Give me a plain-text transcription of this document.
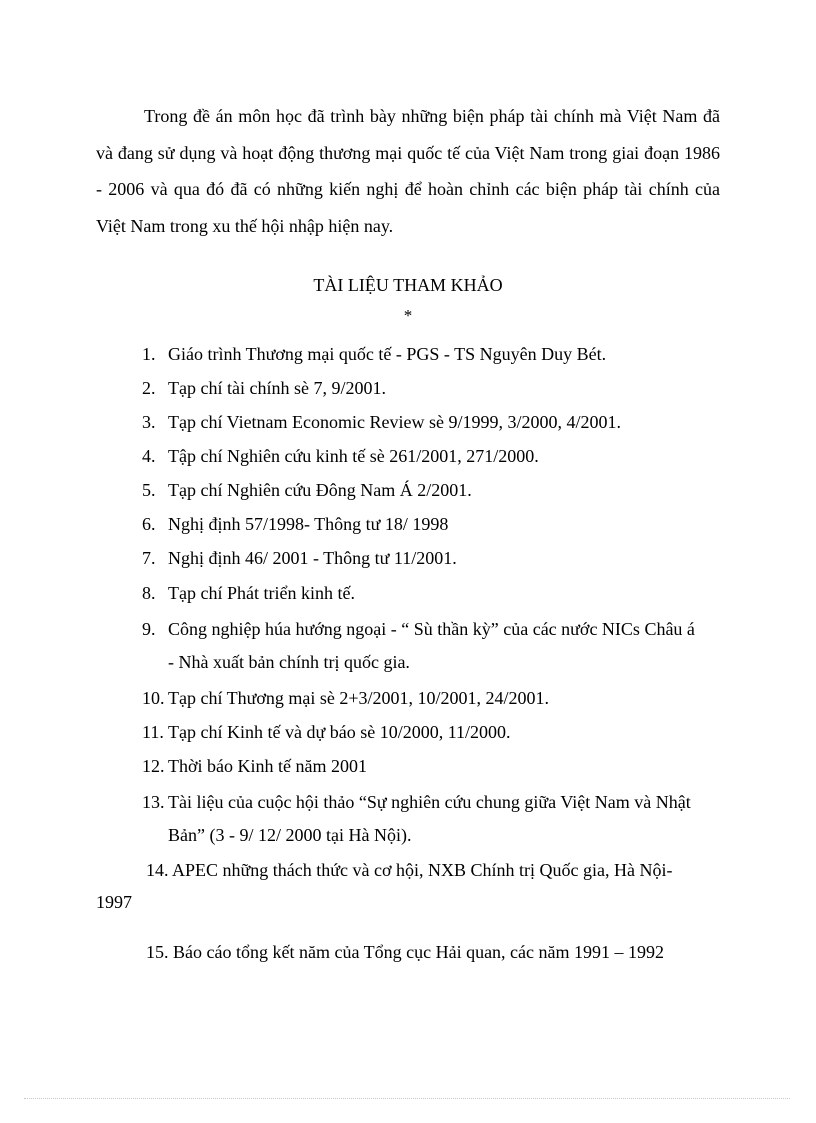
Trong đề án môn học đã trình bày những biện pháp tài chính mà Việt Nam đã và đang sử dụng và hoạt động thương mại quốc tế của Việt Nam trong giai đoạn 1986 - 2006 và qua đó đã có những kiến nghị để hoàn chỉnh các biện pháp tài chính của Việt Nam trong xu thế hội nhập hiện nay.

TÀI LIỆU THAM KHẢO
*
1. Giáo trình Thương mại quốc tế - PGS - TS Nguyên Duy Bét.
2. Tạp chí tài chính sè 7, 9/2001.
3. Tạp chí Vietnam Economic Review sè 9/1999, 3/2000, 4/2001.
4. Tập chí Nghiên cứu kinh tế sè 261/2001, 271/2000.
5. Tạp chí Nghiên cứu Đông Nam Á 2/2001.
6. Nghị định 57/1998- Thông tư 18/ 1998
7. Nghị định 46/ 2001 - Thông tư 11/2001.
8. Tạp chí Phát triển kinh tế.
9. Công nghiệp húa hướng ngoại - “ Sù thần kỳ” của các nước NICs Châu á
- Nhà xuất bản chính trị quốc gia.
10. Tạp chí Thương mại sè 2+3/2001, 10/2001, 24/2001.
11. Tạp chí Kinh tế và dự báo sè 10/2000, 11/2000.
12. Thời báo Kinh tế năm 2001
13. Tài liệu của cuộc hội thảo “Sự nghiên cứu chung giữa Việt Nam và Nhật
Bản” (3 - 9/ 12/ 2000 tại Hà Nội).
14. APEC những thách thức và cơ hội, NXB Chính trị Quốc gia, Hà Nội-
1997
15. Báo cáo tổng kết năm của Tổng cục Hải quan, các năm 1991 – 1992
